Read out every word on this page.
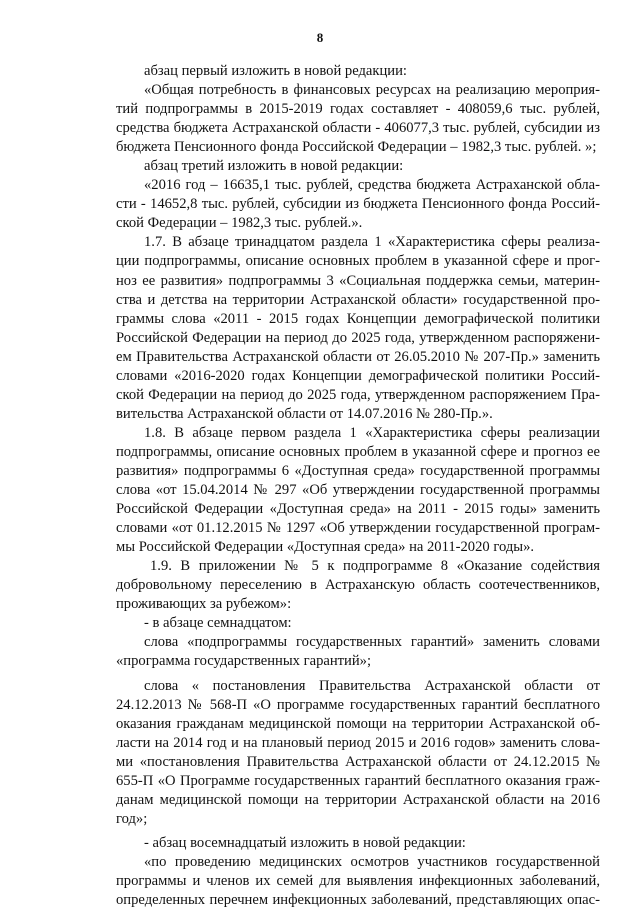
8
абзац первый изложить в новой редакции:
«Общая потребность в финансовых ресурсах на реализацию мероприя-
тий подпрограммы в 2015-2019 годах составляет - 408059,6 тыс. рублей,
средства бюджета Астраханской области - 406077,3 тыс. рублей, субсидии из
бюджета Пенсионного фонда Российской Федерации – 1982,3 тыс. рублей. »;
абзац третий изложить в новой редакции:
«2016 год – 16635,1 тыс. рублей, средства бюджета Астраханской обла-
сти - 14652,8 тыс. рублей, субсидии из бюджета Пенсионного фонда Россий-
ской Федерации – 1982,3 тыс. рублей.».
1.7. В абзаце тринадцатом раздела 1 «Характеристика сферы реализа-
ции подпрограммы, описание основных проблем в указанной сфере и прог-
ноз ее развития» подпрограммы 3 «Социальная поддержка семьи, материн-
ства и детства на территории Астраханской области» государственной про-
граммы слова «2011 - 2015 годах Концепции демографической политики
Российской Федерации на период до 2025 года, утвержденном распоряжени-
ем Правительства Астраханской области от 26.05.2010 № 207-Пр.» заменить
словами «2016-2020 годах Концепции демографической политики Россий-
ской Федерации на период до 2025 года, утвержденном распоряжением Пра-
вительства Астраханской области от 14.07.2016 № 280-Пр.».
1.8. В абзаце первом раздела 1 «Характеристика сферы реализации
подпрограммы, описание основных проблем в указанной сфере и прогноз ее
развития» подпрограммы 6 «Доступная среда» государственной программы
слова «от 15.04.2014 № 297 «Об утверждении государственной программы
Российской Федерации «Доступная среда» на 2011 - 2015 годы» заменить
словами «от 01.12.2015 № 1297 «Об утверждении государственной програм-
мы Российской Федерации «Доступная среда» на 2011-2020 годы».
1.9. В приложении № 5 к подпрограмме 8 «Оказание содействия
добровольному переселению в Астраханскую область соотечественников,
проживающих за рубежом»:
- в абзаце семнадцатом:
слова «подпрограммы государственных гарантий» заменить словами
«программа государственных гарантий»;
слова « постановления Правительства Астраханской области от
24.12.2013 № 568-П «О программе государственных гарантий бесплатного
оказания гражданам медицинской помощи на территории Астраханской об-
ласти на 2014 год и на плановый период 2015 и 2016 годов» заменить слова-
ми «постановления Правительства Астраханской области от 24.12.2015 №
655-П «О Программе государственных гарантий бесплатного оказания граж-
данам медицинской помощи на территории Астраханской области на 2016
год»;
- абзац восемнадцатый изложить в новой редакции:
«по проведению медицинских осмотров участников государственной
программы и членов их семей для выявления инфекционных заболеваний,
определенных перечнем инфекционных заболеваний, представляющих опас-
